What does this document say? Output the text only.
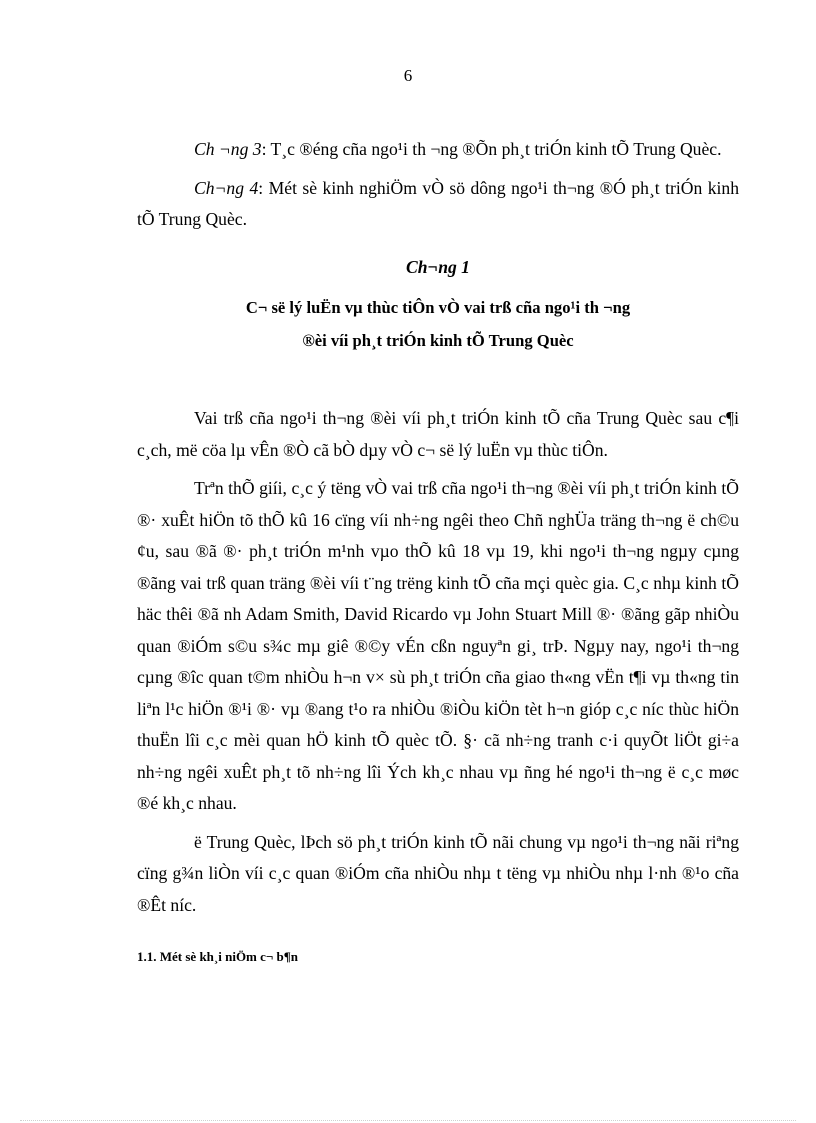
6

Ch ¬ng 3: T¸c ®éng cña ngo¹i th ¬ng ®Õn ph¸t triÓn kinh tÕ Trung Quèc.

Ch¬ng 4: Mét sè kinh nghiÖm vÒ sö dông ngo¹i th¬ng ®Ó ph¸t triÓn kinh tÕ Trung Quèc.

Ch¬ng 1

C¬ së lý luËn vµ thùc tiÔn vÒ vai trß cña ngo¹i th ¬ng

®èi víi ph¸t triÓn kinh tÕ Trung Quèc

Vai trß cña ngo¹i th¬ng ®èi víi ph¸t triÓn kinh tÕ cña Trung Quèc sau c¶i c¸ch, më cöa lµ vÊn ®Ò cã bÒ dµy vÒ c¬ së lý luËn vµ thùc tiÔn.

Trªn thÕ giíi, c¸c ý tëng vÒ vai trß cña ngo¹i th¬ng ®èi víi ph¸t triÓn kinh tÕ ®· xuÊt hiÖn tõ thÕ kû 16 cïng víi nh÷ng ngêi theo Chñ nghÜa träng th¬ng ë ch©u ¢u, sau ®ã ®· ph¸t triÓn m¹nh vµo thÕ kû 18 vµ 19, khi ngo¹i th¬ng ngµy cµng ®ãng vai trß quan träng ®èi víi t¨ng trëng kinh tÕ cña mçi quèc gia. C¸c nhµ kinh tÕ häc thêi ®ã nh Adam Smith, David Ricardo vµ John Stuart Mill ®· ®ãng gãp nhiÒu quan ®iÓm s©u s¾c mµ giê ®©y vÉn cßn nguyªn gi¸ trÞ. Ngµy nay, ngo¹i th¬ng cµng ®îc quan t©m nhiÒu h¬n v× sù ph¸t triÓn cña giao th«ng vËn t¶i vµ th«ng tin liªn l¹c hiÖn ®¹i ®· vµ ®ang t¹o ra nhiÒu ®iÒu kiÖn tèt h¬n gióp c¸c níc thùc hiÖn thuËn lîi c¸c mèi quan hÖ kinh tÕ quèc tÕ. §· cã nh÷ng tranh c·i quyÕt liÖt gi÷a nh÷ng ngêi xuÊt ph¸t tõ nh÷ng lîi Ých kh¸c nhau vµ ñng hé ngo¹i th¬ng ë c¸c møc ®é kh¸c nhau.

ë Trung Quèc, lÞch sö ph¸t triÓn kinh tÕ nãi chung vµ ngo¹i th¬ng nãi riªng cïng g¾n liÒn víi c¸c quan ®iÓm cña nhiÒu nhµ t tëng vµ nhiÒu nhµ l·nh ®¹o cña ®Êt níc.

1.1. Mét sè kh¸i niÖm c¬ b¶n
